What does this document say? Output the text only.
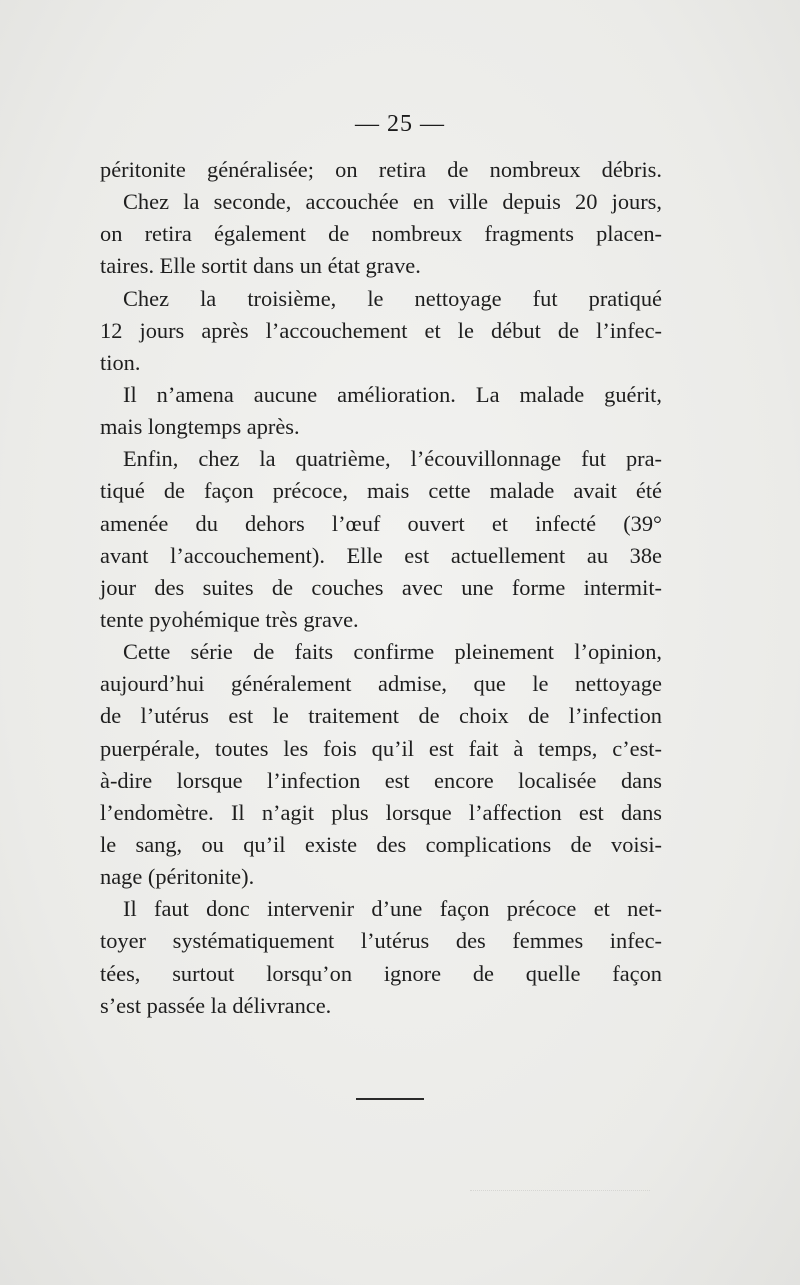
— 25 —
péritonite généralisée; on retira de nombreux débris.
Chez la seconde, accouchée en ville depuis 20 jours,
on retira également de nombreux fragments placen-
taires. Elle sortit dans un état grave.
Chez la troisième, le nettoyage fut pratiqué
12 jours après l’accouchement et le début de l’infec-
tion.
Il n’amena aucune amélioration. La malade guérit,
mais longtemps après.
Enfin, chez la quatrième, l’écouvillonnage fut pra-
tiqué de façon précoce, mais cette malade avait été
amenée du dehors l’œuf ouvert et infecté (39°
avant l’accouchement). Elle est actuellement au 38e
jour des suites de couches avec une forme intermit-
tente pyohémique très grave.
Cette série de faits confirme pleinement l’opinion,
aujourd’hui généralement admise, que le nettoyage
de l’utérus est le traitement de choix de l’infection
puerpérale, toutes les fois qu’il est fait à temps, c’est-
à-dire lorsque l’infection est encore localisée dans
l’endomètre. Il n’agit plus lorsque l’affection est dans
le sang, ou qu’il existe des complications de voisi-
nage (péritonite).
Il faut donc intervenir d’une façon précoce et net-
toyer systématiquement l’utérus des femmes infec-
tées, surtout lorsqu’on ignore de quelle façon
s’est passée la délivrance.
